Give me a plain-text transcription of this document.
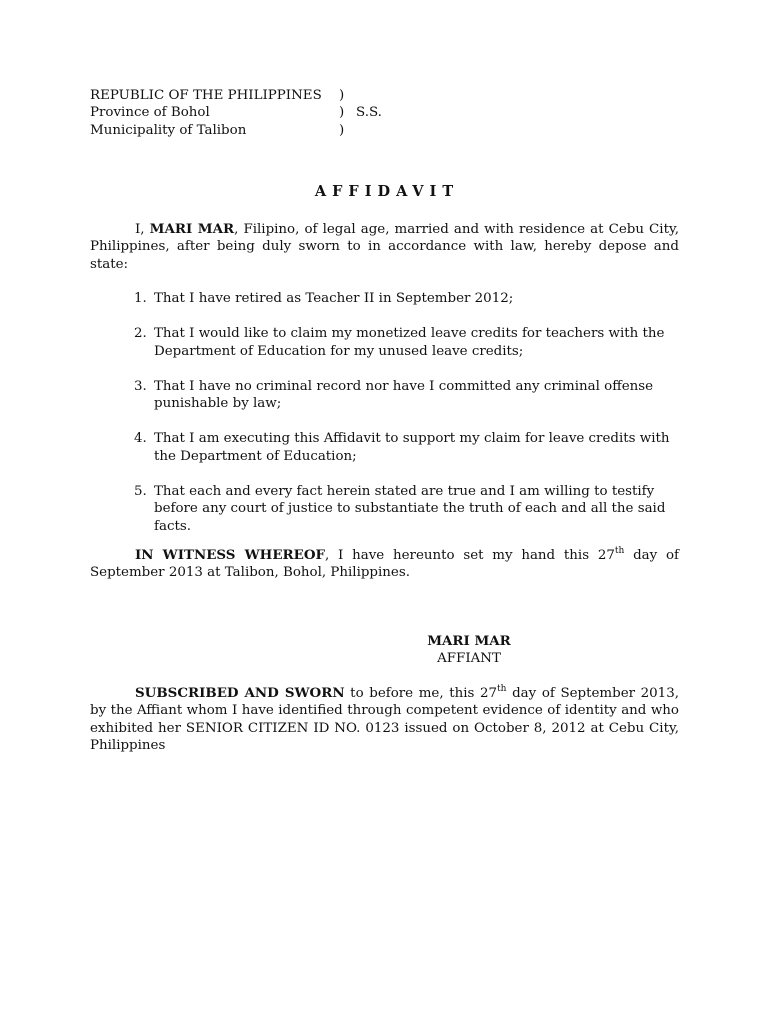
REPUBLIC OF THE PHILIPPINES )
Province of Bohol	) S.S.
Municipality of Talibon	)
AFFIDAVIT
I, MARI MAR, Filipino, of legal age, married and with residence at Cebu City, Philippines, after being duly sworn to in accordance with law, hereby depose and state:
1. That I have retired as Teacher II in September 2012;
2. That I would like to claim my monetized leave credits for teachers with the Department of Education for my unused leave credits;
3. That I have no criminal record nor have I committed any criminal offense punishable by law;
4. That I am executing this Affidavit to support my claim for leave credits with the Department of Education;
5. That each and every fact herein stated are true and I am willing to testify before any court of justice to substantiate the truth of each and all the said facts.
IN WITNESS WHEREOF, I have hereunto set my hand this 27th day of September 2013 at Talibon, Bohol, Philippines.
MARI MAR
AFFIANT
SUBSCRIBED AND SWORN to before me, this 27th day of September 2013, by the Affiant whom I have identified through competent evidence of identity and who exhibited her SENIOR CITIZEN ID NO. 0123 issued on October 8, 2012 at Cebu City, Philippines
